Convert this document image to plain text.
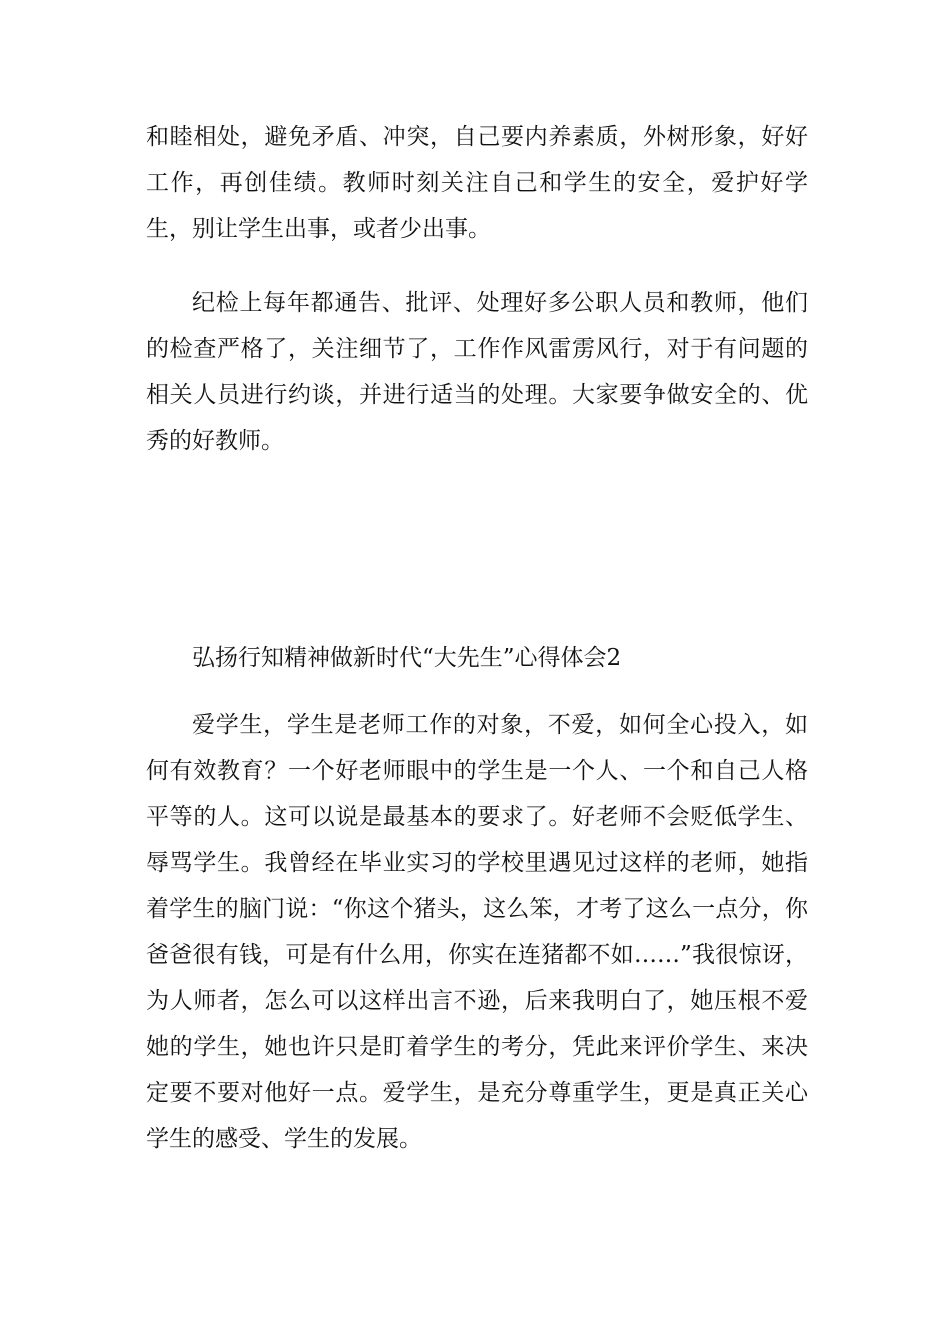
和睦相处，避免矛盾、冲突，自己要内养素质，外树形象，好好工作，再创佳绩。教师时刻关注自己和学生的安全，爱护好学生，别让学生出事，或者少出事。

纪检上每年都通告、批评、处理好多公职人员和教师，他们的检查严格了，关注细节了，工作作风雷雳风行，对于有问题的相关人员进行约谈，并进行适当的处理。大家要争做安全的、优秀的好教师。

弘扬行知精神做新时代“大先生”心得体会2

爱学生，学生是老师工作的对象，不爱，如何全心投入，如何有效教育？一个好老师眼中的学生是一个人、一个和自己人格平等的人。这可以说是最基本的要求了。好老师不会贬低学生、辱骂学生。我曾经在毕业实习的学校里遇见过这样的老师，她指着学生的脑门说：“你这个猪头，这么笨，才考了这么一点分，你爸爸很有钱，可是有什么用，你实在连猪都不如……”我很惊讶，为人师者，怎么可以这样出言不逊，后来我明白了，她压根不爱她的学生，她也许只是盯着学生的考分，凭此来评价学生、来决定要不要对他好一点。爱学生，是充分尊重学生，更是真正关心学生的感受、学生的发展。
